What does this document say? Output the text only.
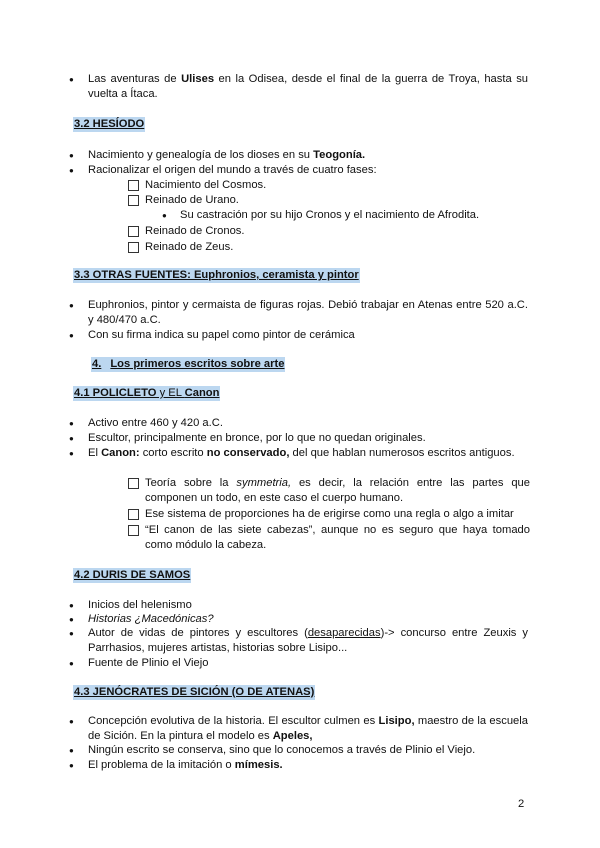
● Las aventuras de Ulises en la Odisea, desde el final de la guerra de Troya, hasta su vuelta a Ítaca.
3.2 HESÍODO
● Nacimiento y genealogía de los dioses en su Teogonía.
● Racionalizar el origen del mundo a través de cuatro fases:
Nacimiento del Cosmos.
Reinado de Urano.
● Su castración por su hijo Cronos y el nacimiento de Afrodita.
Reinado de Cronos.
Reinado de Zeus.
3.3 OTRAS FUENTES: Euphronios, ceramista y pintor
● Euphronios, pintor y cermaista de figuras rojas. Debió trabajar en Atenas entre 520 a.C. y 480/470 a.C.
● Con su firma indica su papel como pintor de cerámica
4. Los primeros escritos sobre arte
4.1 POLICLETO y EL Canon
● Activo entre 460 y 420 a.C.
● Escultor, principalmente en bronce, por lo que no quedan originales.
● El Canon: corto escrito no conservado, del que hablan numerosos escritos antiguos.
Teoría sobre la symmetria, es decir, la relación entre las partes que componen un todo, en este caso el cuerpo humano.
Ese sistema de proporciones ha de erigirse como una regla o algo a imitar
“El canon de las siete cabezas”, aunque no es seguro que haya tomado como módulo la cabeza.
4.2 DURIS DE SAMOS
● Inicios del helenismo
● Historias ¿Macedónicas?
● Autor de vidas de pintores y escultores (desaparecidas)-> concurso entre Zeuxis y Parrhasios, mujeres artistas, historias sobre Lisipo...
● Fuente de Plinio el Viejo
4.3 JENÓCRATES DE SICIÓN (O DE ATENAS)
● Concepción evolutiva de la historia. El escultor culmen es Lisipo, maestro de la escuela de Sición. En la pintura el modelo es Apeles,
● Ningún escrito se conserva, sino que lo conocemos a través de Plinio el Viejo.
● El problema de la imitación o mímesis.
2
